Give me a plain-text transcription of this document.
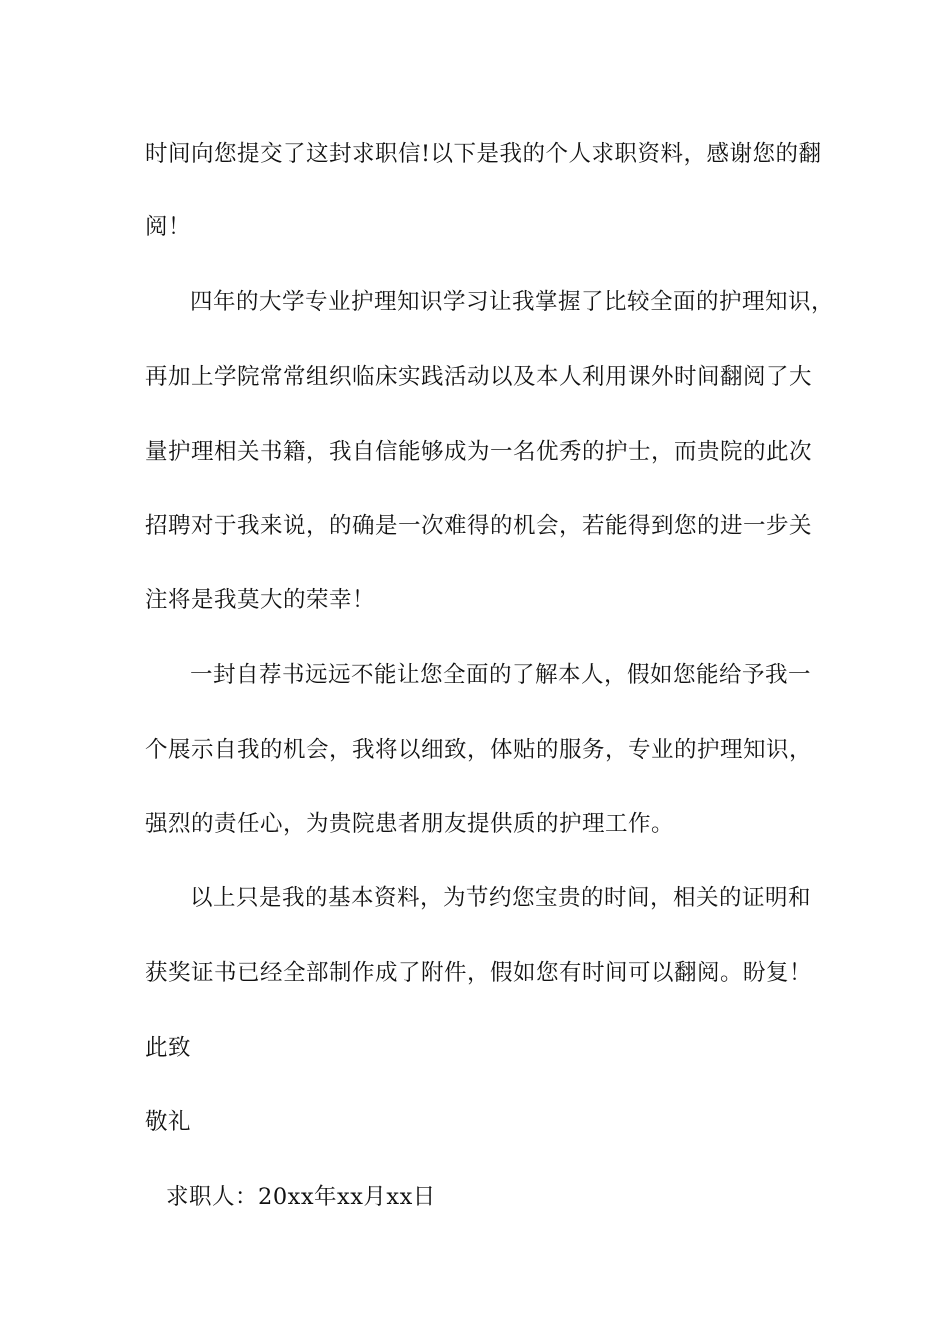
时间向您提交了这封求职信!以下是我的个人求职资料，感谢您的翻
阅！
四年的大学专业护理知识学习让我掌握了比较全面的护理知识，
再加上学院常常组织临床实践活动以及本人利用课外时间翻阅了大
量护理相关书籍，我自信能够成为一名优秀的护士，而贵院的此次
招聘对于我来说，的确是一次难得的机会，若能得到您的进一步关
注将是我莫大的荣幸！
一封自荐书远远不能让您全面的了解本人，假如您能给予我一
个展示自我的机会，我将以细致，体贴的服务，专业的护理知识，
强烈的责任心，为贵院患者朋友提供质的护理工作。
以上只是我的基本资料，为节约您宝贵的时间，相关的证明和
获奖证书已经全部制作成了附件，假如您有时间可以翻阅。盼复！
此致
敬礼
求职人：20xx年xx月xx日
